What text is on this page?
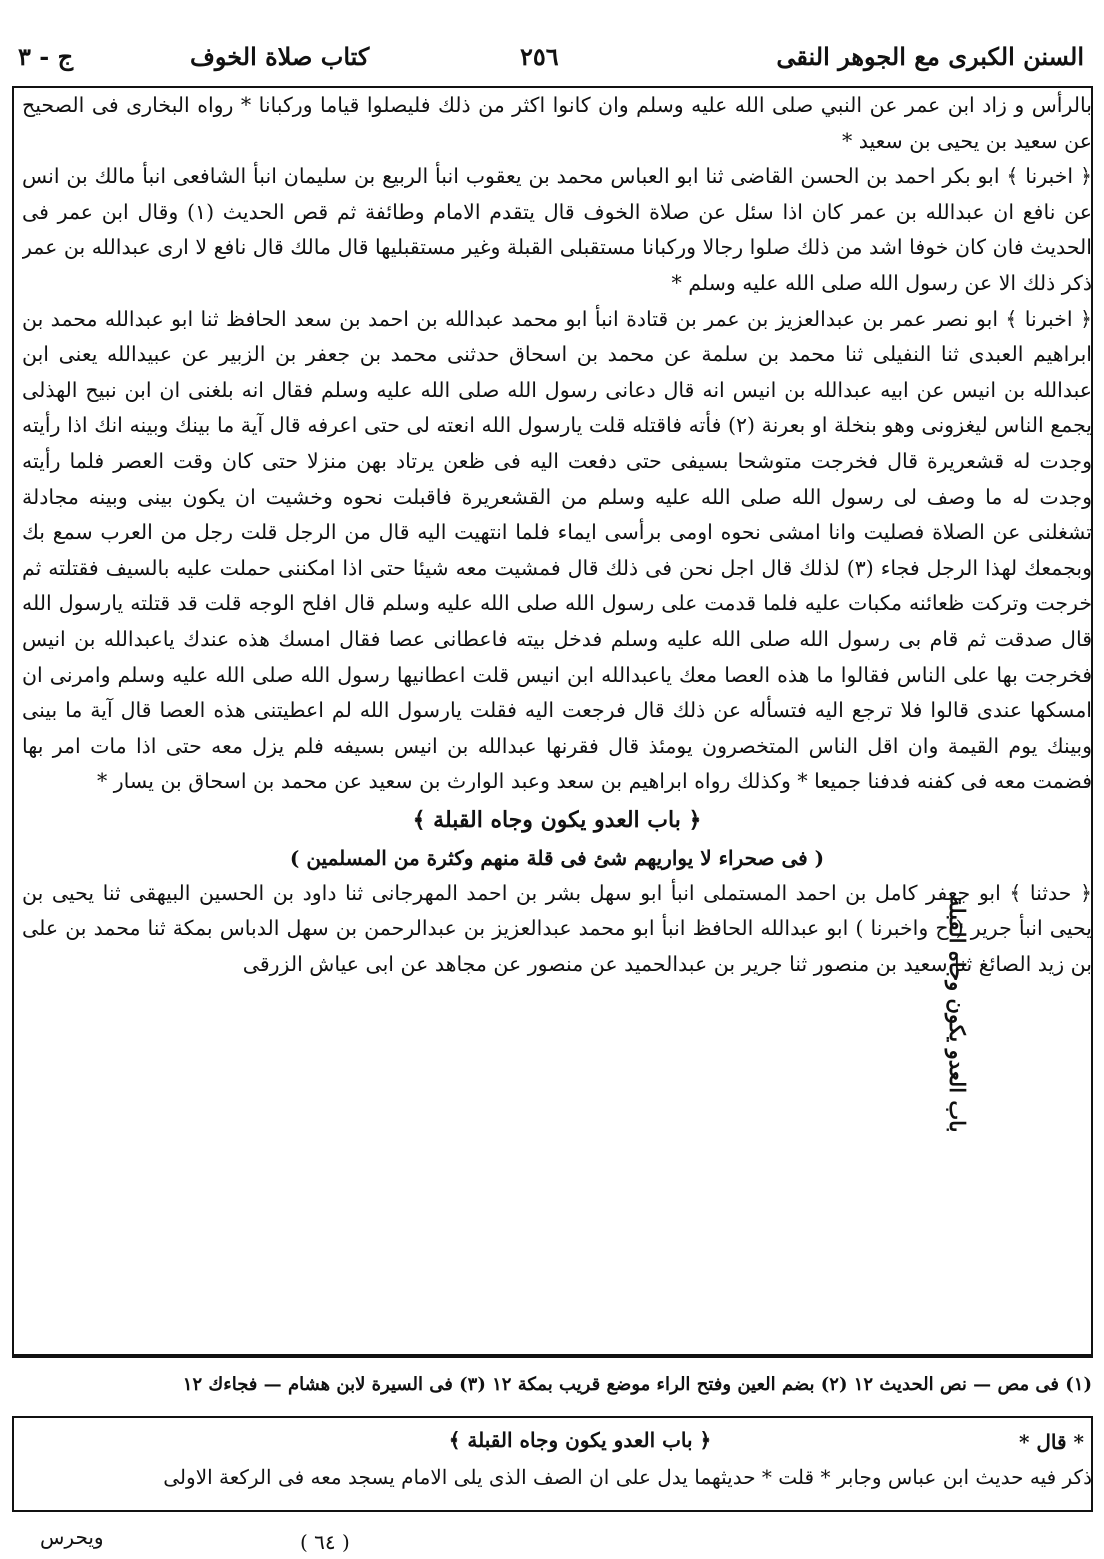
السنن الكبرى مع الجوهر النقى
٢٥٦
كتاب صلاة الخوف
ج - ٣
باب العدو يكون وجاه القبلة

بالرأس و زاد ابن عمر عن النبي صلى الله عليه وسلم وان كانوا اكثر من ذلك فليصلوا قياما وركبانا * رواه البخارى فى الصحيح عن سعيد بن يحيى بن سعيد *

﴿ اخبرنا ﴾ ابو بكر احمد بن الحسن القاضى ثنا ابو العباس محمد بن يعقوب انبأ الربيع بن سليمان انبأ الشافعى انبأ مالك بن انس عن نافع ان عبدالله بن عمر كان اذا سئل عن صلاة الخوف قال يتقدم الامام وطائفة ثم قص الحديث (١) وقال ابن عمر فى الحديث فان كان خوفا اشد من ذلك صلوا رجالا وركبانا مستقبلى القبلة وغير مستقبليها قال مالك قال نافع لا ارى عبدالله بن عمر ذكر ذلك الا عن رسول الله صلى الله عليه وسلم *

﴿ اخبرنا ﴾ ابو نصر عمر بن عبدالعزيز بن عمر بن قتادة انبأ ابو محمد عبدالله بن احمد بن سعد الحافظ ثنا ابو عبدالله محمد بن ابراهيم العبدى ثنا النفيلى ثنا محمد بن سلمة عن محمد بن اسحاق حدثنى محمد بن جعفر بن الزبير عن عبيدالله يعنى ابن عبدالله بن انيس عن ابيه عبدالله بن انيس انه قال دعانى رسول الله صلى الله عليه وسلم فقال انه بلغنى ان ابن نبيح الهذلى يجمع الناس ليغزونى وهو بنخلة او بعرنة (٢) فأته فاقتله قلت يارسول الله انعته لى حتى اعرفه قال آية ما بينك وبينه انك اذا رأيته وجدت له قشعريرة قال فخرجت متوشحا بسيفى حتى دفعت اليه فى ظعن يرتاد بهن منزلا حتى كان وقت العصر فلما رأيته وجدت له ما وصف لى رسول الله صلى الله عليه وسلم من القشعريرة فاقبلت نحوه وخشيت ان يكون بينى وبينه مجادلة تشغلنى عن الصلاة فصليت وانا امشى نحوه اومى برأسى ايماء فلما انتهيت اليه قال من الرجل قلت رجل من العرب سمع بك وبجمعك لهذا الرجل فجاء (٣) لذلك قال اجل نحن فى ذلك قال فمشيت معه شيئا حتى اذا امكننى حملت عليه بالسيف فقتلته ثم خرجت وتركت ظعائنه مكبات عليه فلما قدمت على رسول الله صلى الله عليه وسلم قال افلح الوجه قلت قد قتلته يارسول الله قال صدقت ثم قام بى رسول الله صلى الله عليه وسلم فدخل بيته فاعطانى عصا فقال امسك هذه عندك ياعبدالله بن انيس فخرجت بها على الناس فقالوا ما هذه العصا معك ياعبدالله ابن انيس قلت اعطانيها رسول الله صلى الله عليه وسلم وامرنى ان امسكها عندى قالوا فلا ترجع اليه فتسأله عن ذلك قال فرجعت اليه فقلت يارسول الله لم اعطيتنى هذه العصا قال آية ما بينى وبينك يوم القيمة وان اقل الناس المتخصرون يومئذ قال فقرنها عبدالله بن انيس بسيفه فلم يزل معه حتى اذا مات امر بها فضمت معه فى كفنه فدفنا جميعا * وكذلك رواه ابراهيم بن سعد وعبد الوارث بن سعيد عن محمد بن اسحاق بن يسار *

﴿ باب العدو يكون وجاه القبلة ﴾
( فى صحراء لا يواريهم شئ فى قلة منهم وكثرة من المسلمين )

﴿ حدثنا ﴾ ابو جعفر كامل بن احمد المستملى انبأ ابو سهل بشر بن احمد المهرجانى ثنا داود بن الحسين البيهقى ثنا يحيى بن يحيى انبأ جرير ( ح واخبرنا ) ابو عبدالله الحافظ انبأ ابو محمد عبدالعزيز بن عبدالرحمن بن سهل الدباس بمكة ثنا محمد بن على بن زيد الصائغ ثنا سعيد بن منصور ثنا جرير بن عبدالحميد عن منصور عن مجاهد عن ابى عياش الزرقى

(١) فى مص — نص الحديث ١٢ (٢) بضم العين وفتح الراء موضع قريب بمكة ١٢ (٣) فى السيرة لابن هشام — فجاءك ١٢
* قال *
﴿ باب العدو يكون وجاه القبلة ﴾
ذكر فيه حديث ابن عباس وجابر * قلت * حديثهما يدل على ان الصف الذى يلى الامام يسجد معه فى الركعة الاولى
ويحرس	( ٦٤ )
